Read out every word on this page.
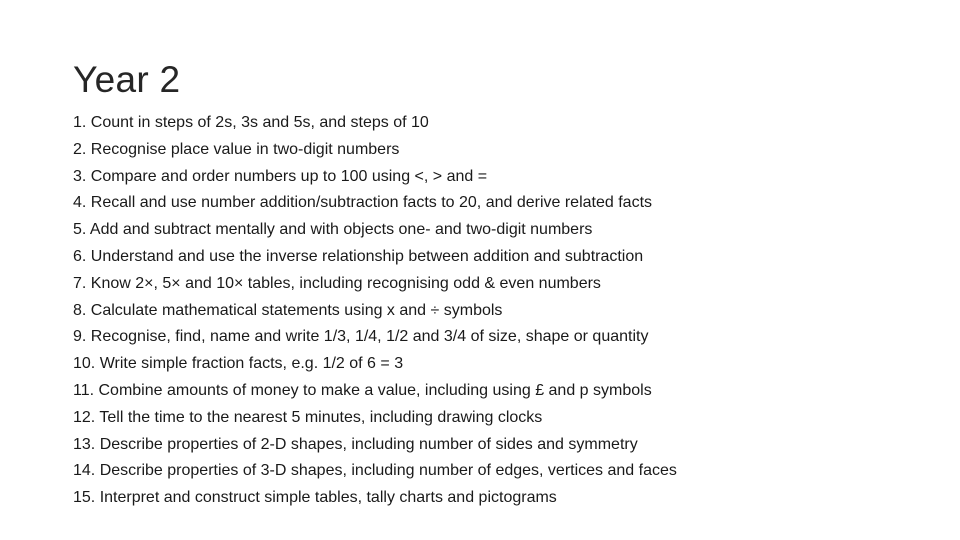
Year 2
1. Count in steps of 2s, 3s and 5s, and steps of 10
2. Recognise place value in two-digit numbers
3. Compare and order numbers up to 100 using <, > and =
4. Recall and use number addition/subtraction facts to 20, and derive related facts
5. Add and subtract mentally and with objects one- and two-digit numbers
6. Understand and use the inverse relationship between addition and subtraction
7. Know 2×, 5× and 10× tables, including recognising odd & even numbers
8. Calculate mathematical statements using x and ÷ symbols
9. Recognise, find, name and write 1/3, 1/4, 1/2 and 3/4 of size, shape or quantity
10. Write simple fraction facts, e.g. 1/2 of 6 = 3
11. Combine amounts of money to make a value, including using £ and p symbols
12. Tell the time to the nearest 5 minutes, including drawing clocks
13. Describe properties of 2-D shapes, including number of sides and symmetry
14. Describe properties of 3-D shapes, including number of edges, vertices and faces
15. Interpret and construct simple tables, tally charts and pictograms
